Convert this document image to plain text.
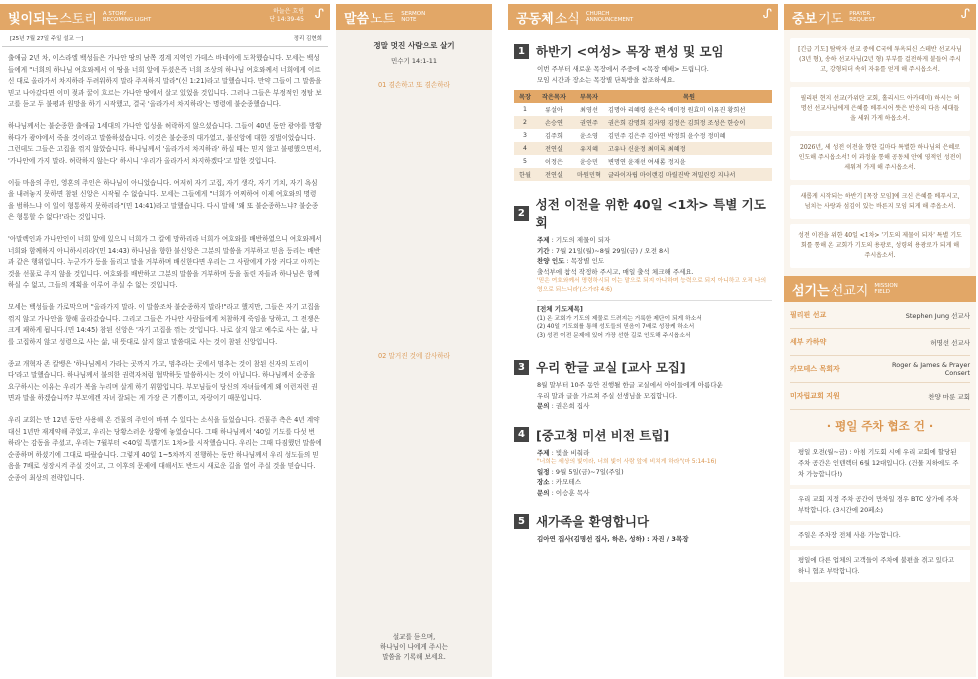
빛이되는 스토리 A STORY
BECOMING LIGHT
하늘은 흐림
단 14:39-45 ᔑ
[25년 7월 27일 주일 설교 ㅡ]	정리 김현희

출애굽 2년 차, 이스라엘 백성들은 가나안 땅의 남쪽 경계 지역인 가데스 바네아에 도착했습니다. 모세는 백성들에게 "너희의 하나님 여호와께서 이 땅을 너희 앞에 두셨은즉 너희 조상의 하나님 여호와께서 너희에게 이르신 대로 올라가서 차지하라 두려워하지 말라 주저하지 말라"(신 1:21)라고 말했습니다. 만약 그들이 그 말씀을 믿고 나아갔다면 이미 젖과 꿀이 흐르는 가나안 땅에서 살고 있었을 것입니다. 그러나 그들은 부정적인 정탐 보고를 듣고 두 불평과 원망을 하기 시작했고, 결국 '올라가서 차지하라'는 명령에 불순종했습니다.

하나님께서는 불순종한 출애굽 1세대의 가나안 입성을 허락하지 않으셨습니다. 그들이 40년 동안 광야를 방황하다가 광야에서 죽을 것이라고 말씀하셨습니다. 이것은 불순종의 대가였고, 불신앙에 대한 징벌이었습니다. 그런데도 그들은 고집을 꺾지 않았습니다. 하나님께서 '올라가서 차지하라' 하실 때는 믿지 않고 불평했으면서, '가나안에 가지 말라. 허락하지 않는다' 하시니 '우리가 올라가서 차지하겠다'고 말한 것입니다.

이들 마음의 주인, 영혼의 주인은 하나님이 아니었습니다. 여저히 자기 고집, 자기 생각, 자기 기치, 자기 욕심을 내려놓지 못하면 참된 신앙은 시작될 수 없습니다. 모세는 그들에게 "너희가 어찌하여 이제 여호와의 명령을 범하느냐 이 일이 형통하지 못하리라"(민 14:41)라고 말했습니다. 다시 말해 '왜 또 불순종하느냐? 불순종은 형통할 수 없다!'라는 것입니다.

'아말렉인과 가나안인이 너희 앞에 있으니 너희가 그 칼에 망하리라 너희가 여호와를 배반하였으니 여호와께서 너희와 함께하지 아니하시리라'(민 14:43) 하나님을 향한 불신앙은 그분의 말씀을 거부하고 믿음 등리는 배반과 같은 행위입니다. 누군가가 등을 돌리고 말을 거부하며 배신한다면 우리는 그 사람에게 가장 커다고 아끼는 것을 선물로 주지 않을 것입니다. 여호와를 배반하고 그분의 말씀을 거부하며 등을 돌린 자들과 하나님은 함께하실 수 없고, 그들의 계획을 이루어 주실 수 없는 것입니다.

모세는 백성들을 가로막으며 "올라가지 말라. 이 말씀조차 불순종하지 말라!"라고 했지만, 그들은 자기 고집을 꺾지 않고 가나안을 향해 올라갔습니다. 그리고 그들은 가나안 사람들에게 처참하게 죽임을 당하고, 그 전쟁은 크게 패하게 됩니다.(민 14:45) 참된 신앙은 '자기 고집을 꺾는 것'입니다. 나로 살지 않고 예수로 사는 삶, 나를 고집하지 않고 성령으로 사는 삶, 내 뜻대로 살지 않고 말씀대로 사는 것이 참된 신앙입니다.

종교 개혁자 존 칼뱅은 '하나님께서 가라는 곳까지 가고, 멈추라는 곳에서 멈추는 것이 참된 신자의 도리이다'라고 말했습니다. 하나님께서 불의한 권력자처럼 협박하듯 말씀하시는 것이 아닙니다. 하나님께서 순종을 요구하시는 이유는 우리가 복을 누리며 살게 하기 위함입니다. 부모님들이 당신의 자녀들에게 왜 이런저런 권면과 말을 하겠습니까? 부모에겐 자녀 잘되는 게 가장 큰 기쁨이고, 자랑이기 때문입니다.

우리 교회는 만 12년 동안 사용해 온 건물의 주인이 바뀌 수 있다는 소식을 들었습니다. 건물주 측은 4년 계약 대신 1년만 재계약해 주었고, 우리는 당황스러운 상황에 놓였습니다. 그때 하나님께서 '40일 기도를 다섯 번 하라'는 감동을 주셨고, 우리는 7월부터 <40일 특별기도 1차>를 시작했습니다. 우리는 그때 다짐했던 말씀에 순종하며 하셨기에 그대로 따랐습니다. 그렇게 40일 1~5차까지 진행하는 동안 하나님께서 우리 성도들의 믿음을 7배로 성장시켜 주실 것이고, 그 이후의 문제에 대해서도 반드시 새로운 길을 열어 주실 것을 믿습니다. 순종이 최상의 전략입니다.

말씀 노트 SERMON
NOTE
정말 멋진 사람으로 살기
민수기 14:1-11
01 겸손하고 또 겸손하라
02 말거진 것에 감사하라
설교를 듣으며,
하나님이 나에게 주시는
말씀을 기록해 보세요.
공동체 소식 CHURCH
ANNOUNCEMENT	ᔑ
1 하반기 <여성> 목장 편성 및 모임
이번 주부터 새로운 목장에서 주중에 <목장 예배> 드립니다.
모임 시간과 장소는 목장별 단톡방을 참조하세요.
목장	작은목자	부목자	목원
1	류설아	최영선	김명아 리혜령 윤은숙 배미정 원효미 이유진 황희선
2	손승연	권연주	권은희 감명희 김자영 김정은 김희정 조성은 한승이
3	김주희	윤소영	김민주 김은주 김아연 박정희 윤수정 정미혜
4	전연실	유지혜	고유나 신윤정 최미록 최혜정
5	이정은	윤승민	변명연 윤재선 여새롬 정지윤
한월	전연실	마원민혁	글라이자립 마이랜김 마릴진박 져밀린킹 지나서
2
성전 이전을 위한 40일 <1차> 특별 기도회
주제 : 기도의 제물이 되자
기간 : 7월 21일(월)~8월 29일(금) / 오전 8시
찬양 인도 : 목장별 인도
출석부에 참석 작정하 주시고, 매일 출석 체크해 주세요.
'믿은 여호와께서 명령하시되 이는 말으로 되지 아니하며 능력으로 되지 아니하고 오직 나의 영으로 되느니라'(스가랴 4:6)
[전체 기도제목]
(1) 온 교회가 기도의 제물로 드려지는 거룩한 제단이 되게 하소서
(2) 40일 기도회를 통해 성도들의 믿음이 7배로 성장케 하소서
(3) 성전 이전 문제에 있어 가장 선한 길로 인도해 주시옵소서
3 우리 한글 교실 [교사 모집]
8월 말부터 10주 동안 진행될 한글 교실에서 아이들에게 아름다운
우리 말과 글을 가르쳐 주실 선생님을 모집합니다.
문의 : 권은희 집사
4 [중고청 미션 비전 트립]
주제 : 빛을 비춰라
"너희는 세상의 빛이라, 너희 빛이 사람 앞에 비치게 하라"(마 5:14-16)
일정 : 9월 5일(금)~7일(주일)
장소 : 카모테스
문의 : 이승훈 목사
5 새가족을 환영합니다
김아연 집사(김명선 집사, 하은, 성하) : 자진 / 3목장
중보 기도 PRAYER
REQUEST	ᔑ
[긴급 기도] 탐락자 선교 중에 C국에 투옥되신 스테반 선교사님(3년 형), 송하 선교사님(2년 형) 부부를 걸전하게 붙들어 주시고, 강형되더 속히 자유를 얻게 해 주시옵소서.
필리핀 현지 선교(카위탄 교회, 홀리시드 아카데미) 하시는 허명선 선교사님에게 은혜를 베푸시어 뜻은 반응의 다음 세대들을 세워 가게 하옵소서.
2026년, 세 성전 이전을 향한 길마다 특별한 하나님의 은혜로 인도해 주시옵소서! 이 과정을 통해 공동체 안에 영적인 성전이 세워져 가게 해 주시옵소서.
새롭게 시작되는 하반기 [목장 모임]에 크신 은혜를 베푸시고, 넘치는 사랑과 섬김이 있는 바른지 모임 되게 해 주옵소서.
성전 이전을 위한 40일 <1차> '기도의 제물이 되자' 특별 기도회를 통해 온 교회가 기도의 용광로, 성령의 용광로가 되게 해 주시옵소서.
섬기는 선교지 MISSION
FIELD
필리핀 선교	Stephen Jung 선교사
세부 카하약	허명선 선교사
카모테스 목회자	Roger & James & Prayer Consert
미자립교회 지원	찬양 마룬 교회
· 평일 주차 협조 건 ·
평일 오전(월~금) : 아침 기도회 시에 우리 교회에 할당된 주차 공간은 인텐렉터 6월 12대입니다. (건물 지하에도 주차 가능합니다!)
우리 교회 지정 주차 공간이 만차일 경우 BTC 상가에 주차 부탁합니다. (3시간에 20페소)
주일은 주차장 전체 사용 가능합니다.
평일에 다른 업체의 고객들이 주차에 불편을 겪고 있다고 하니 협조 부탁합니다.
